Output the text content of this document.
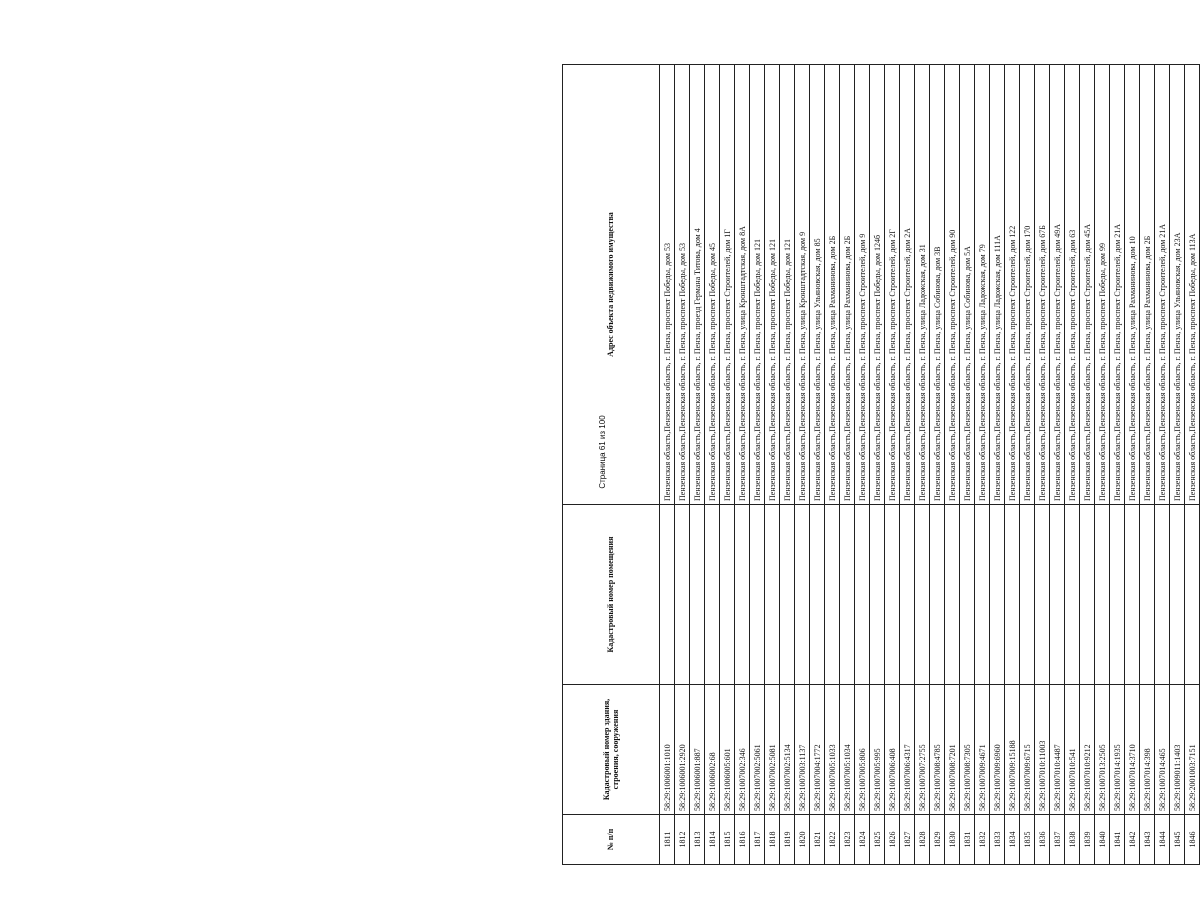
№ п/п	Кадастровый номер здания, строения, сооружения	Кадастровый номер помещения	Адрес объекта недвижимого имущества
1811	58:29:1006001:1010		Пензенская область,Пензенская область, г. Пенза, проспект Победы, дом 53
1812	58:29:1006001:2920		Пензенская область,Пензенская область, г. Пенза, проспект Победы, дом 53
1813	58:29:1006001:887		Пензенская область,Пензенская область, г. Пенза, проезд Германа Титова, дом 4
1814	58:29:1006002:68		Пензенская область,Пензенская область, г. Пенза, проспект Победы, дом 45
1815	58:29:1006005:601		Пензенская область,Пензенская область, г. Пенза, проспект Строителей, дом 1Г
1816	58:29:1007002:346		Пензенская область,Пензенская область, г. Пенза, улица Кронштадтская, дом 8А
1817	58:29:1007002:5061		Пензенская область,Пензенская область, г. Пенза, проспект Победы, дом 121
1818	58:29:1007002:5081		Пензенская область,Пензенская область, г. Пенза, проспект Победы, дом 121
1819	58:29:1007002:5134		Пензенская область,Пензенская область, г. Пенза, проспект Победы, дом 121
1820	58:29:1007003:1137		Пензенская область,Пензенская область, г. Пенза, улица Кронштадтская, дом 9
1821	58:29:1007004:1772		Пензенская область,Пензенская область, г. Пенза, улица Ульяновская, дом 85
1822	58:29:1007005:1033		Пензенская область,Пензенская область, г. Пенза, улица Рахманинова, дом 2Б
1823	58:29:1007005:1034		Пензенская область,Пензенская область, г. Пенза, улица Рахманинова, дом 2Б
1824	58:29:1007005:806		Пензенская область,Пензенская область, г. Пенза, проспект Строителей, дом 9
1825	58:29:1007005:995		Пензенская область,Пензенская область, г. Пенза, проспект Победы, дом 124б
1826	58:29:1007006:408		Пензенская область,Пензенская область, г. Пенза, проспект Строителей, дом 2Г
1827	58:29:1007006:4317		Пензенская область,Пензенская область, г. Пенза, проспект Строителей, дом 2А
1828	58:29:1007007:2755		Пензенская область,Пензенская область, г. Пенза, улица Ладожская, дом 31
1829	58:29:1007008:4785		Пензенская область,Пензенская область, г. Пенза, улица Собинова, дом 3В
1830	58:29:1007008:7201		Пензенская область,Пензенская область, г. Пенза, проспект Строителей, дом 90
1831	58:29:1007008:7305		Пензенская область,Пензенская область, г. Пенза, улица Собинова, дом 5А
1832	58:29:1007009:4671		Пензенская область,Пензенская область, г. Пенза, улица Ладожская, дом 79
1833	58:29:1007009:6960		Пензенская область,Пензенская область, г. Пенза, улица Ладожская, дом 111А
1834	58:29:1007009:15188		Пензенская область,Пензенская область, г. Пенза, проспект Строителей, дом 122
1835	58:29:1007009:6715		Пензенская область,Пензенская область, г. Пенза, проспект Строителей, дом 170
1836	58:29:1007010:11003		Пензенская область,Пензенская область, г. Пенза, проспект Строителей, дом 67Б
1837	58:29:1007010:4487		Пензенская область,Пензенская область, г. Пенза, проспект Строителей, дом 49А
1838	58:29:1007010:541		Пензенская область,Пензенская область, г. Пенза, проспект Строителей, дом 63
1839	58:29:1007010:9212		Пензенская область,Пензенская область, г. Пенза, проспект Строителей, дом 45А
1840	58:29:1007013:2505		Пензенская область,Пензенская область, г. Пенза, проспект Победы, дом 99
1841	58:29:1007014:1935		Пензенская область,Пензенская область, г. Пенза, проспект Строителей, дом 21А
1842	58:29:1007014:3710		Пензенская область,Пензенская область, г. Пенза, улица Рахманинова, дом 10
1843	58:29:1007014:398		Пензенская область,Пензенская область, г. Пенза, улица Рахманинова, дом 2Б
1844	58:29:1007014:465		Пензенская область,Пензенская область, г. Пенза, проспект Строителей, дом 21А
1845	58:29:1009011:1403		Пензенская область,Пензенская область, г. Пенза, улица Ульяновская, дом 23А
1846	58:29:2001003:7151		Пензенская область,Пензенская область, г. Пенза, проспект Победы, дом 113А
Страница 61 из 100
